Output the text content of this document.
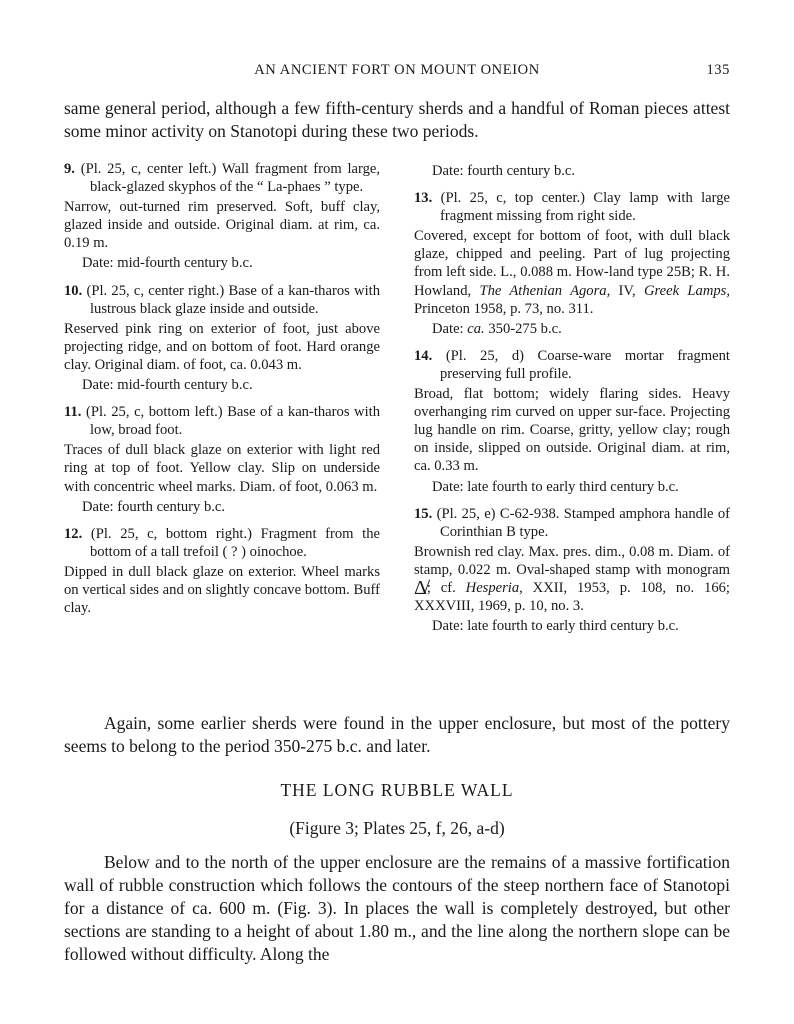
AN ANCIENT FORT ON MOUNT ONEION	135
same general period, although a few fifth-century sherds and a handful of Roman pieces attest some minor activity on Stanotopi during these two periods.
9. (Pl. 25, c, center left.) Wall fragment from large, black-glazed skyphos of the “ La-phaes ” type.
Narrow, out-turned rim preserved. Soft, buff clay, glazed inside and outside. Original diam. at rim, ca. 0.19 m.
Date: mid-fourth century b.c.
10. (Pl. 25, c, center right.) Base of a kan-tharos with lustrous black glaze inside and outside.
Reserved pink ring on exterior of foot, just above projecting ridge, and on bottom of foot. Hard orange clay. Original diam. of foot, ca. 0.043 m.
Date: mid-fourth century b.c.
11. (Pl. 25, c, bottom left.) Base of a kan-tharos with low, broad foot.
Traces of dull black glaze on exterior with light red ring at top of foot. Yellow clay. Slip on underside with concentric wheel marks. Diam. of foot, 0.063 m.
Date: fourth century b.c.
12. (Pl. 25, c, bottom right.) Fragment from the bottom of a tall trefoil ( ? ) oinochoe.
Dipped in dull black glaze on exterior. Wheel marks on vertical sides and on slightly concave bottom. Buff clay.
Date: fourth century b.c.
13. (Pl. 25, c, top center.) Clay lamp with large fragment missing from right side.
Covered, except for bottom of foot, with dull black glaze, chipped and peeling. Part of lug projecting from left side. L., 0.088 m. How-land type 25B; R. H. Howland, The Athenian Agora, IV, Greek Lamps, Princeton 1958, p. 73, no. 311.
Date: ca. 350-275 b.c.
14. (Pl. 25, d) Coarse-ware mortar fragment preserving full profile.
Broad, flat bottom; widely flaring sides. Heavy overhanging rim curved on upper sur-face. Projecting lug handle on rim. Coarse, gritty, yellow clay; rough on inside, slipped on outside. Original diam. at rim, ca. 0.33 m.
Date: late fourth to early third century b.c.
15. (Pl. 25, e) C-62-938. Stamped amphora handle of Corinthian B type.
Brownish red clay. Max. pres. dim., 0.08 m. Diam. of stamp, 0.022 m. Oval-shaped stamp with monogram Δ̸; cf. Hesperia, XXII, 1953, p. 108, no. 166; XXXVIII, 1969, p. 10, no. 3.
Date: late fourth to early third century b.c.
Again, some earlier sherds were found in the upper enclosure, but most of the pottery seems to belong to the period 350-275 b.c. and later.
THE LONG RUBBLE WALL
(Figure 3; Plates 25, f, 26, a-d)
Below and to the north of the upper enclosure are the remains of a massive fortification wall of rubble construction which follows the contours of the steep northern face of Stanotopi for a distance of ca. 600 m. (Fig. 3). In places the wall is completely destroyed, but other sections are standing to a height of about 1.80 m., and the line along the northern slope can be followed without difficulty. Along the
